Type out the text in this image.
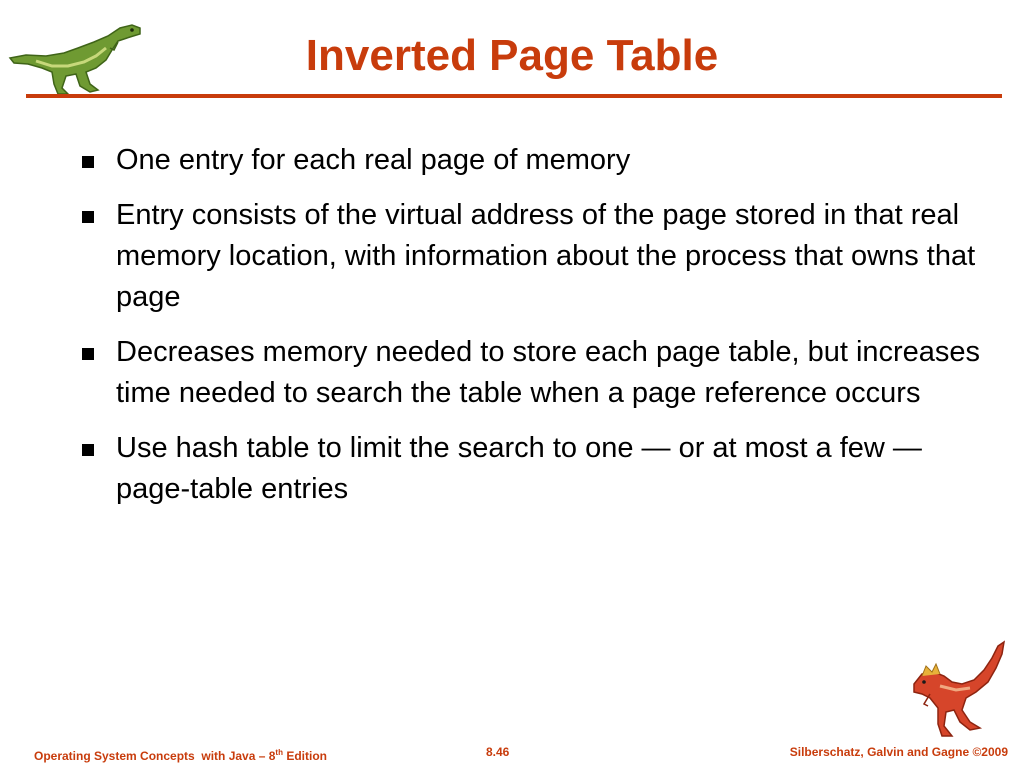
Inverted Page Table
One entry for each real page of memory
Entry consists of the virtual address of the page stored in that real memory location, with information about the process that owns that page
Decreases memory needed to store each page table, but increases time needed to search the table when a page reference occurs
Use hash table to limit the search to one — or at most a few — page-table entries
Operating System Concepts  with Java – 8th Edition	8.46	Silberschatz, Galvin and Gagne ©2009
